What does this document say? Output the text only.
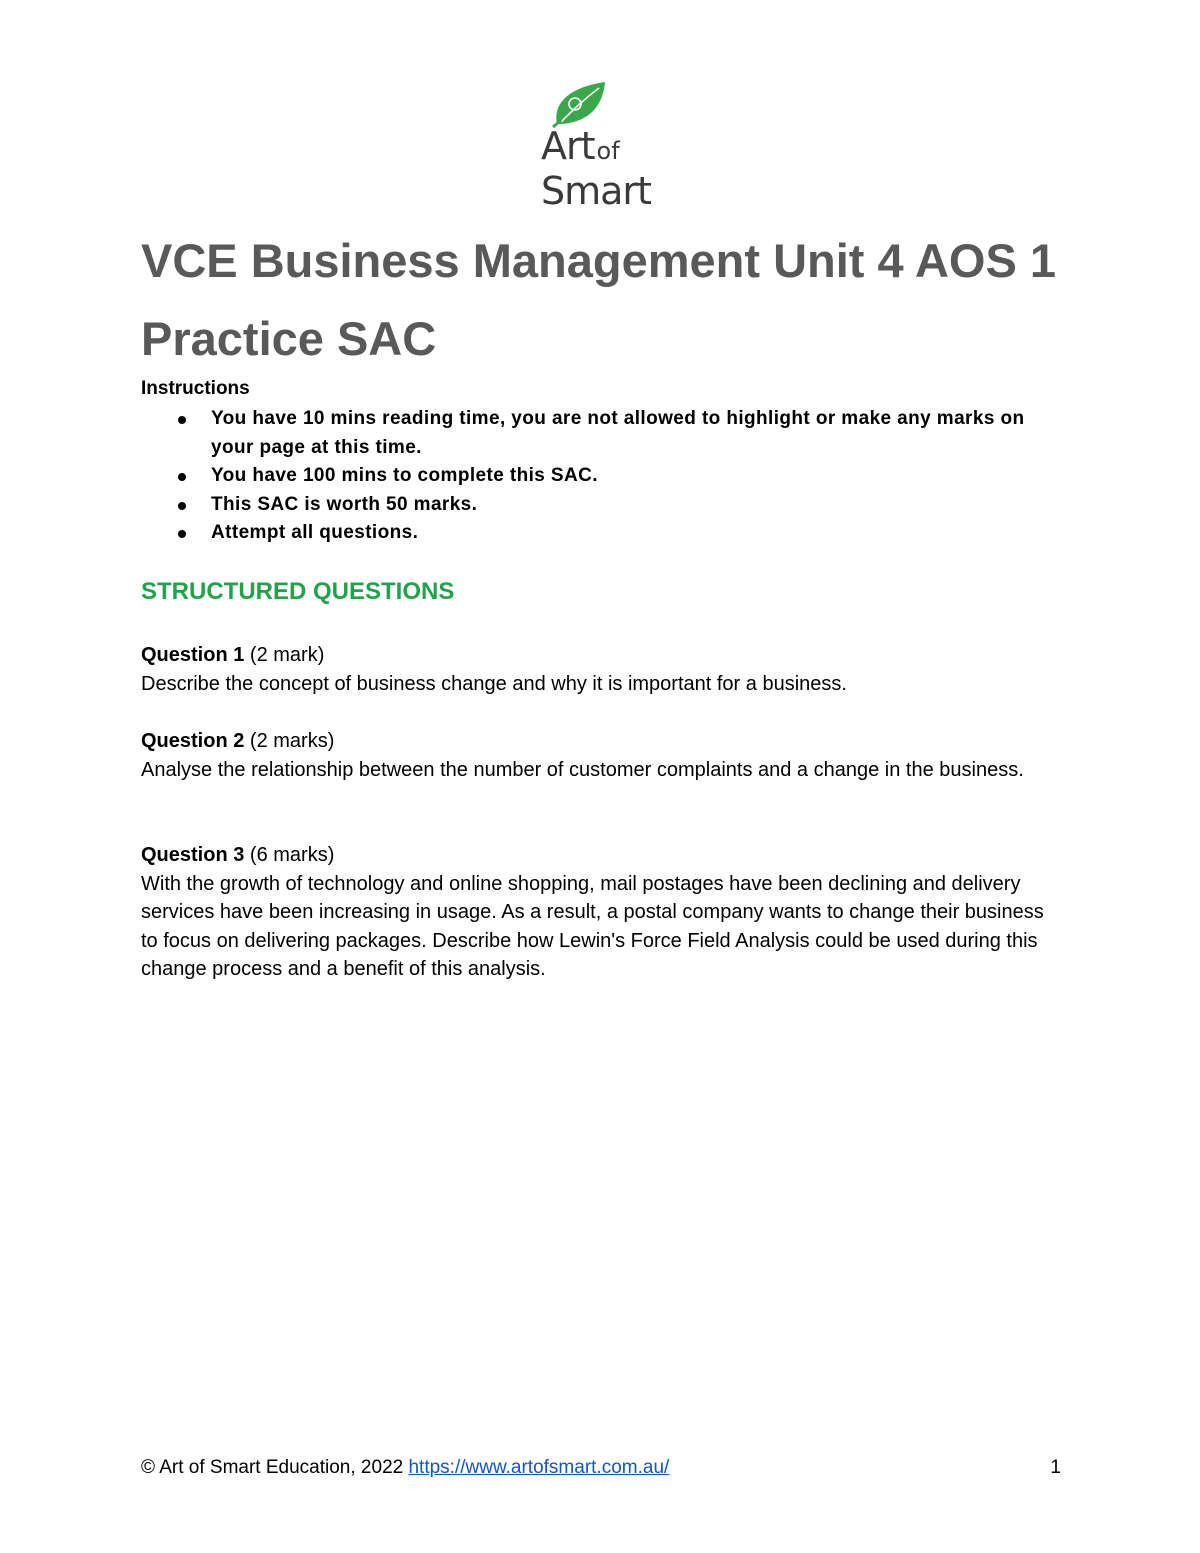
Artof
Smart
VCE Business Management Unit 4 AOS 1 Practice SAC

Instructions

You have 10 mins reading time, you are not allowed to highlight or make any marks on your page at this time.
You have 100 mins to complete this SAC.
This SAC is worth 50 marks.
Attempt all questions.
STRUCTURED QUESTIONS

Question 1 (2 mark)

Describe the concept of business change and why it is important for a business.

Question 2 (2 marks)

Analyse the relationship between the number of customer complaints and a change in the business.

Question 3 (6 marks)

With the growth of technology and online shopping, mail postages have been declining and delivery services have been increasing in usage. As a result, a postal company wants to change their business to focus on delivering packages. Describe how Lewin's Force Field Analysis could be used during this change process and a benefit of this analysis.

© Art of Smart Education, 2022 https://www.artofsmart.com.au/	1
